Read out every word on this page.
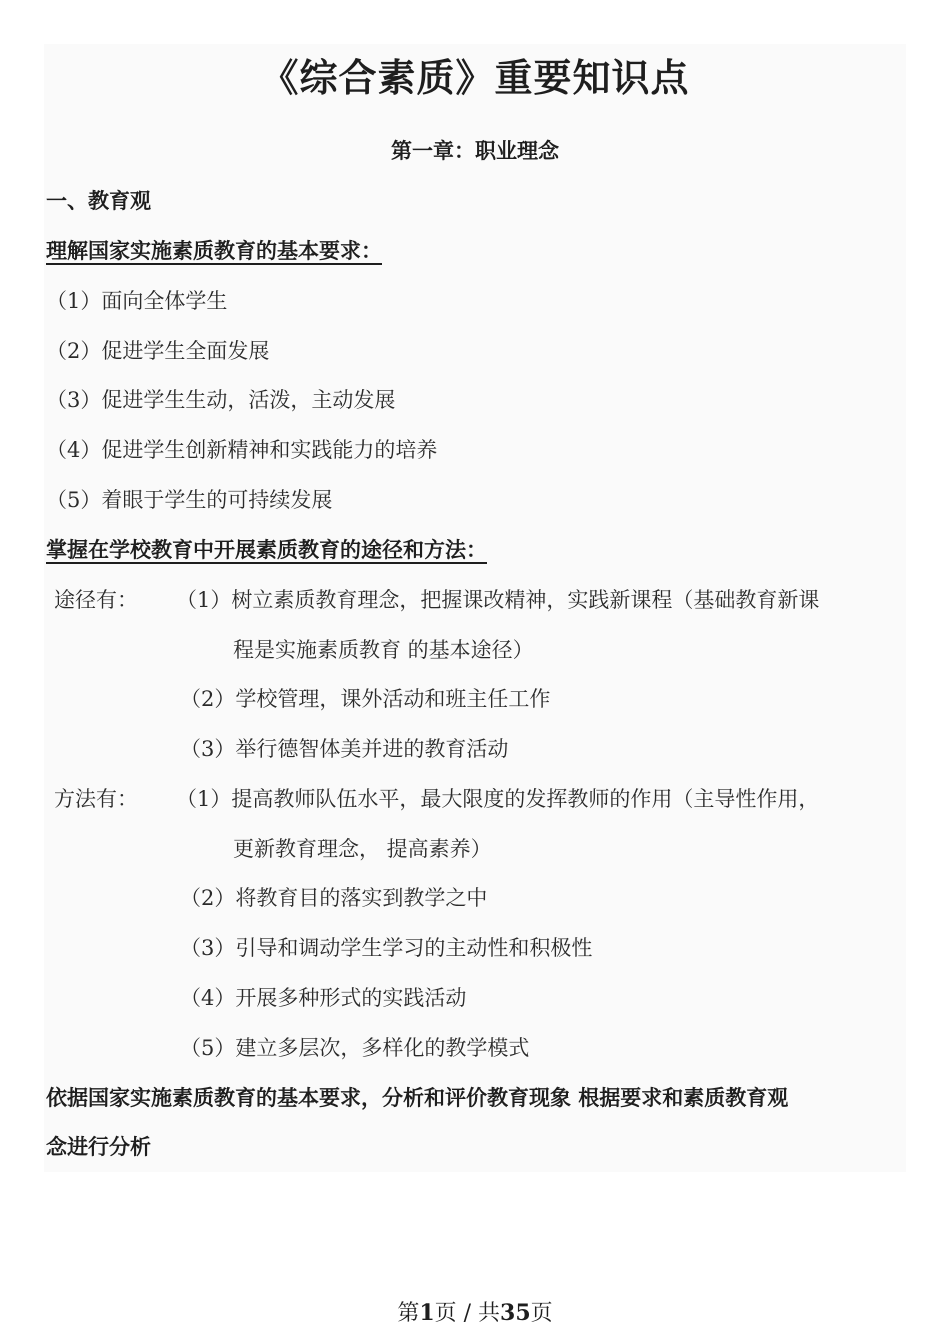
《综合素质》重要知识点
第一章：职业理念
一、教育观
理解国家实施素质教育的基本要求：
（1）面向全体学生
（2）促进学生全面发展
（3）促进学生生动，活泼，主动发展
（4）促进学生创新精神和实践能力的培养
（5）着眼于学生的可持续发展
掌握在学校教育中开展素质教育的途径和方法：
途径有： （1）树立素质教育理念，把握课改精神，实践新课程（基础教育新课
程是实施素质教育 的基本途径）
（2）学校管理，课外活动和班主任工作
（3）举行德智体美并进的教育活动
方法有： （1）提高教师队伍水平，最大限度的发挥教师的作用（主导性作用，
更新教育理念， 提高素养）
（2）将教育目的落实到教学之中
（3）引导和调动学生学习的主动性和积极性
（4）开展多种形式的实践活动
（5）建立多层次，多样化的教学模式
依据国家实施素质教育的基本要求，分析和评价教育现象 根据要求和素质教育观
念进行分析
第1页 / 共35页
